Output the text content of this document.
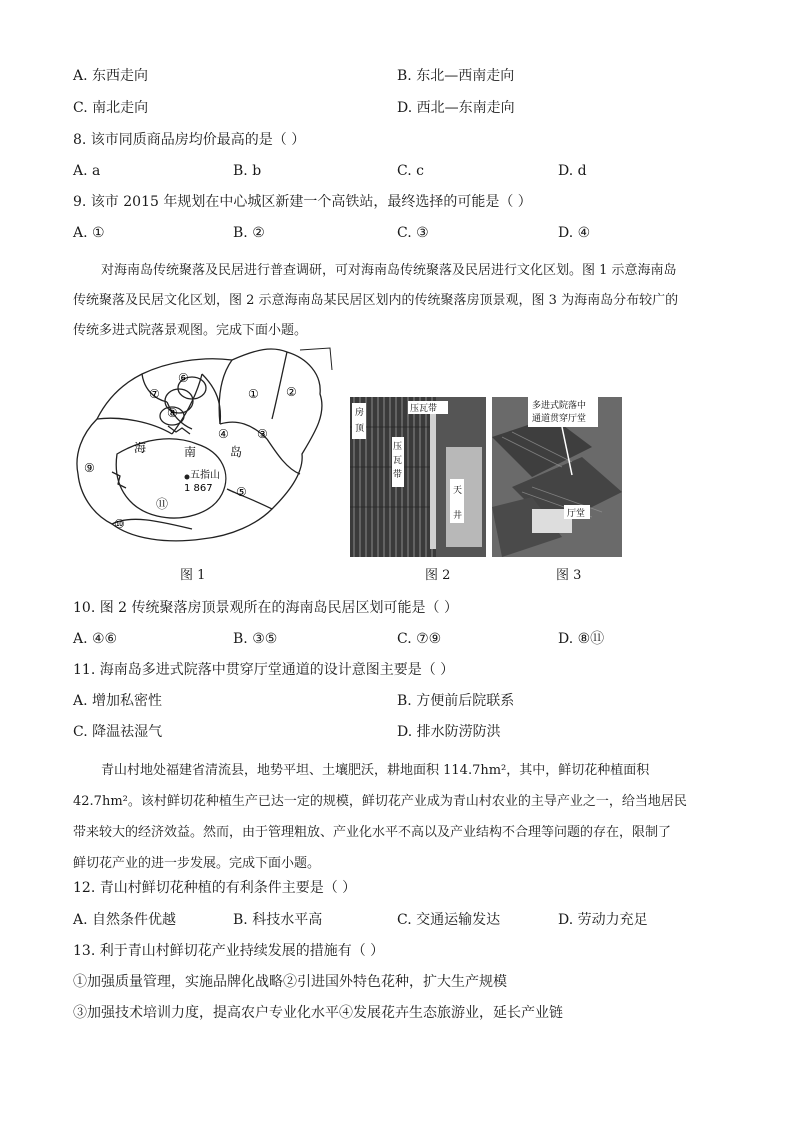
A. 东西走向	B. 东北—西南走向
C. 南北走向	D. 西北—东南走向
8. 该市同质商品房均价最高的是（ ）
A. a	B. b	C. c	D. d
9. 该市 2015 年规划在中心城区新建一个高铁站，最终选择的可能是（ ）
A. ①	B. ②	C. ③	D. ④
对海南岛传统聚落及民居进行普查调研，可对海南岛传统聚落及民居进行文化区划。图 1 示意海南岛
传统聚落及民居文化区划，图 2 示意海南岛某民居区划内的传统聚落房顶景观，图 3 为海南岛分布较广的
传统多进式院落景观图。完成下面小题。
⑥
⑦
⑧
① ②
③
④
⑤
⑨
⑩
⑪
海	南	岛
五指山
1 867
图 1
房
顶
压瓦带
压
瓦
带
天
井
图 2
多进式院落中
通道贯穿厅堂
厅堂
图 3
10. 图 2 传统聚落房顶景观所在的海南岛民居区划可能是（ ）
A. ④⑥	B. ③⑤	C. ⑦⑨	D. ⑧⑪
11. 海南岛多进式院落中贯穿厅堂通道的设计意图主要是（ ）
A. 增加私密性	B. 方便前后院联系
C. 降温祛湿气	D. 排水防涝防洪
青山村地处福建省清流县，地势平坦、土壤肥沃，耕地面积 114.7hm²，其中，鲜切花种植面积
42.7hm²。该村鲜切花种植生产已达一定的规模，鲜切花产业成为青山村农业的主导产业之一，给当地居民
带来较大的经济效益。然而，由于管理粗放、产业化水平不高以及产业结构不合理等问题的存在，限制了
鲜切花产业的进一步发展。完成下面小题。
12. 青山村鲜切花种植的有利条件主要是（ ）
A. 自然条件优越	B. 科技水平高	C. 交通运输发达	D. 劳动力充足
13. 利于青山村鲜切花产业持续发展的措施有（ ）
①加强质量管理，实施品牌化战略②引进国外特色花种，扩大生产规模
③加强技术培训力度，提高农户专业化水平④发展花卉生态旅游业，延长产业链
